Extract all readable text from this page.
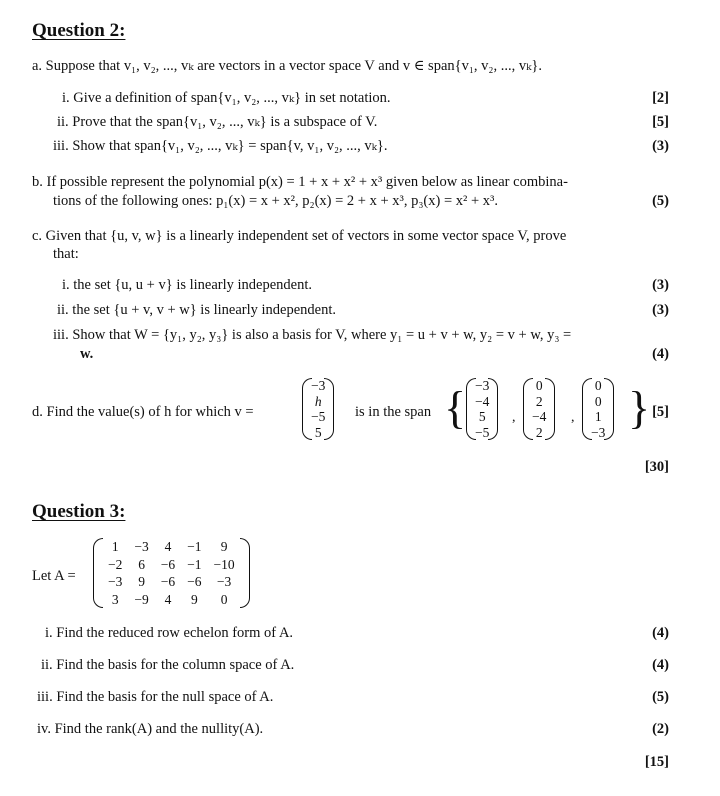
Question 2:
a. Suppose that v₁, v₂, ..., vₖ are vectors in a vector space V and v ∈ span{v₁, v₂, ..., vₖ}.
i. Give a definition of span{v₁, v₂, ..., vₖ} in set notation.	[2]
ii. Prove that the span{v₁, v₂, ..., vₖ} is a subspace of V.	[5]
iii. Show that span{v₁, v₂, ..., vₖ} = span{v, v₁, v₂, ..., vₖ}.	(3)
b. If possible represent the polynomial p(x) = 1 + x + x² + x³ given below as linear combina-
tions of the following ones: p₁(x) = x + x², p₂(x) = 2 + x + x³, p₃(x) = x² + x³.	(5)
c. Given that {u, v, w} is a linearly independent set of vectors in some vector space V, prove
that:
i. the set {u, u + v} is linearly independent.	(3)
ii. the set {u + v, v + w} is linearly independent.	(3)
iii. Show that W = {y₁, y₂, y₃} is also a basis for V, where y₁ = u + v + w, y₂ = v + w, y₃ =
w.	(4)
d. Find the value(s) of h for which v =
−3
h
−5
5
is in the span { −3
−4
5
−5
,
0
2
−4
2
,
0
0
1
−3 } [5]
[30]
Question 3:
Let A =
1	−3	4	−1	9
−2	6	−6	−1	−10
−3	9	−6	−6	−3
3	−9	4	9	0
i. Find the reduced row echelon form of A.	(4)
ii. Find the basis for the column space of A.	(4)
iii. Find the basis for the null space of A.	(5)
iv. Find the rank(A) and the nullity(A).	(2)
[15]
